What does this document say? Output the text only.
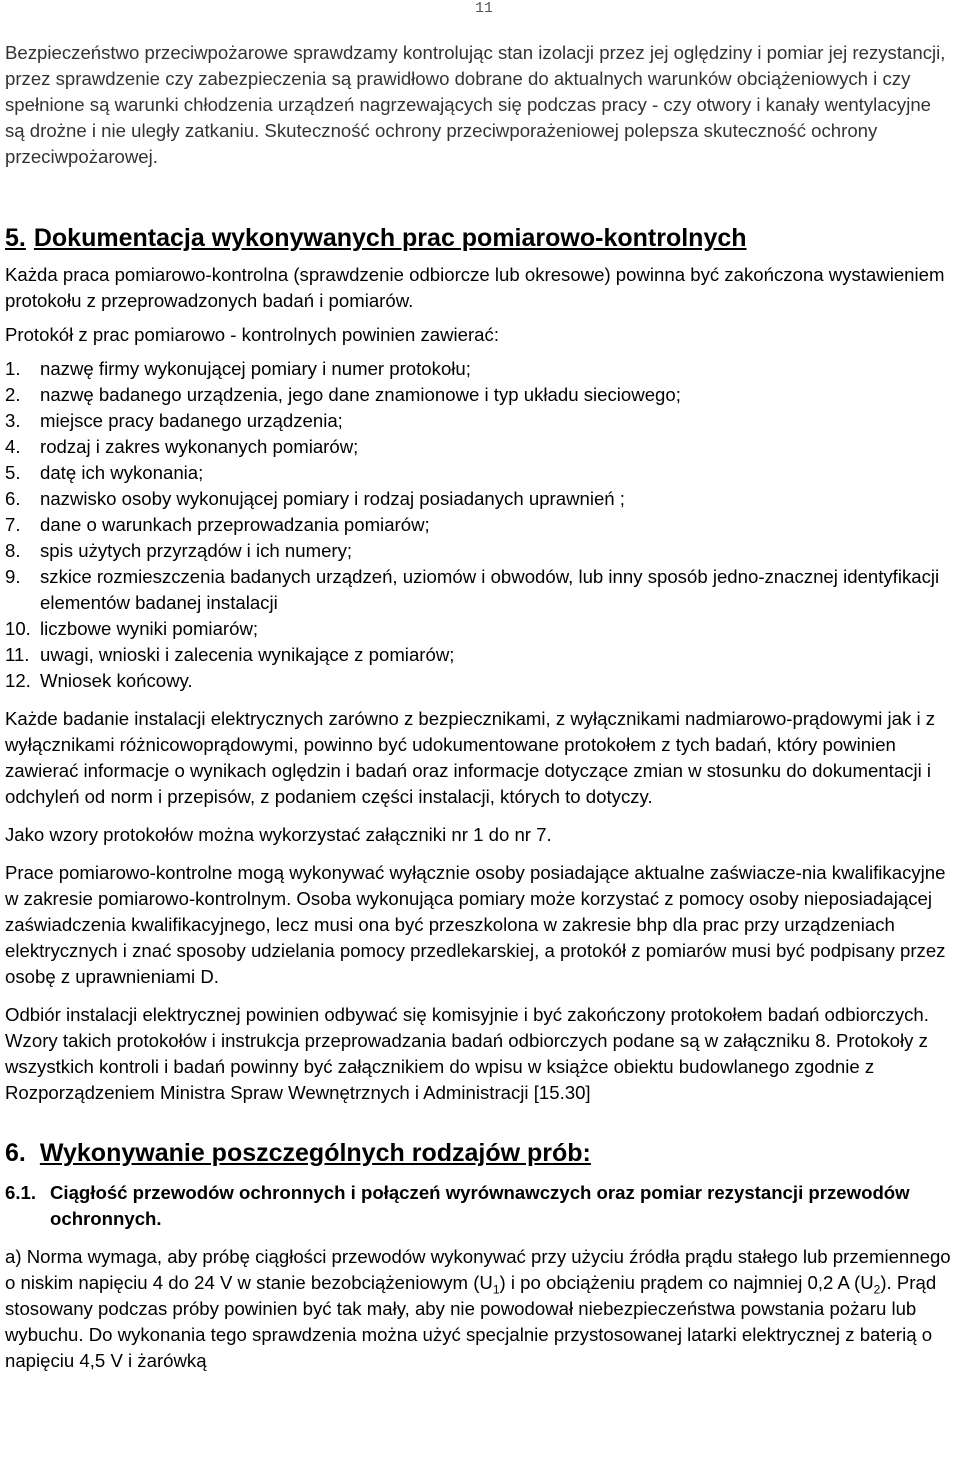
11

Bezpieczeństwo przeciwpożarowe sprawdzamy kontrolując stan izolacji przez jej oględziny i pomiar jej rezystancji, przez sprawdzenie czy zabezpieczenia są prawidłowo dobrane do aktualnych warunków obciążeniowych i czy spełnione są warunki chłodzenia urządzeń nagrzewających się podczas pracy - czy otwory i kanały wentylacyjne są drożne i nie uległy zatkaniu. Skuteczność ochrony przeciwporażeniowej polepsza skuteczność ochrony przeciwpożarowej.

5. Dokumentacja wykonywanych prac pomiarowo-kontrolnych

Każda praca pomiarowo-kontrolna (sprawdzenie odbiorcze lub okresowe) powinna być zakończona wystawieniem protokołu z przeprowadzonych badań i pomiarów.

Protokół z prac pomiarowo - kontrolnych powinien zawierać:

1.	nazwę firmy wykonującej pomiary i numer protokołu;
2.	nazwę badanego urządzenia, jego dane znamionowe i typ układu sieciowego;
3.	miejsce pracy badanego urządzenia;
4.	rodzaj i zakres wykonanych pomiarów;
5.	datę ich wykonania;
6.	nazwisko osoby wykonującej pomiary i rodzaj posiadanych uprawnień ;
7.	dane o warunkach przeprowadzania pomiarów;
8.	spis użytych przyrządów i ich numery;
9.	szkice rozmieszczenia badanych urządzeń, uziomów i obwodów, lub inny sposób jedno-znacznej identyfikacji elementów badanej instalacji
10. liczbowe wyniki pomiarów;
11. uwagi, wnioski i zalecenia wynikające z pomiarów;
12. Wniosek końcowy.

Każde badanie instalacji elektrycznych zarówno z bezpiecznikami, z wyłącznikami nadmiarowo-prądowymi jak i z wyłącznikami różnicowoprądowymi, powinno być udokumentowane protokołem z tych badań, który powinien zawierać informacje o wynikach oględzin i badań oraz informacje dotyczące zmian w stosunku do dokumentacji i odchyleń od norm i przepisów, z podaniem części instalacji, których to dotyczy.

Jako wzory protokołów można wykorzystać załączniki nr 1 do nr 7.

Prace pomiarowo-kontrolne mogą wykonywać wyłącznie osoby posiadające aktualne zaświacze-nia kwalifikacyjne w zakresie pomiarowo-kontrolnym. Osoba wykonująca pomiary może korzystać z pomocy osoby nieposiadającej zaświadczenia kwalifikacyjnego, lecz musi ona być przeszkolona w zakresie bhp dla prac przy urządzeniach elektrycznych i znać sposoby udzielania pomocy przedlekarskiej, a protokół z pomiarów musi być podpisany przez osobę z uprawnieniami D.

Odbiór instalacji elektrycznej powinien odbywać się komisyjnie i być zakończony protokołem badań odbiorczych. Wzory takich protokołów i instrukcja przeprowadzania badań odbiorczych podane są w załączniku 8. Protokoły z wszystkich kontroli i badań powinny być załącznikiem do wpisu w książce obiektu budowlanego zgodnie z Rozporządzeniem Ministra Spraw Wewnętrznych i Administracji [15.30]

6. Wykonywanie poszczególnych rodzajów prób:
6.1. Ciągłość przewodów ochronnych i połączeń wyrównawczych oraz pomiar rezystancji przewodów ochronnych.

a) Norma wymaga, aby próbę ciągłości przewodów wykonywać przy użyciu źródła prądu stałego lub przemiennego o niskim napięciu 4 do 24 V w stanie bezobciążeniowym $(U_1)$ i po obciążeniu prądem co najmniej 0,2 A $(U_2)$. Prąd stosowany podczas próby powinien być tak mały, aby nie powodował niebezpieczeństwa powstania pożaru lub wybuchu. Do wykonania tego sprawdzenia można użyć specjalnie przystosowanej latarki elektrycznej z baterią o napięciu 4,5 V i żarówką
